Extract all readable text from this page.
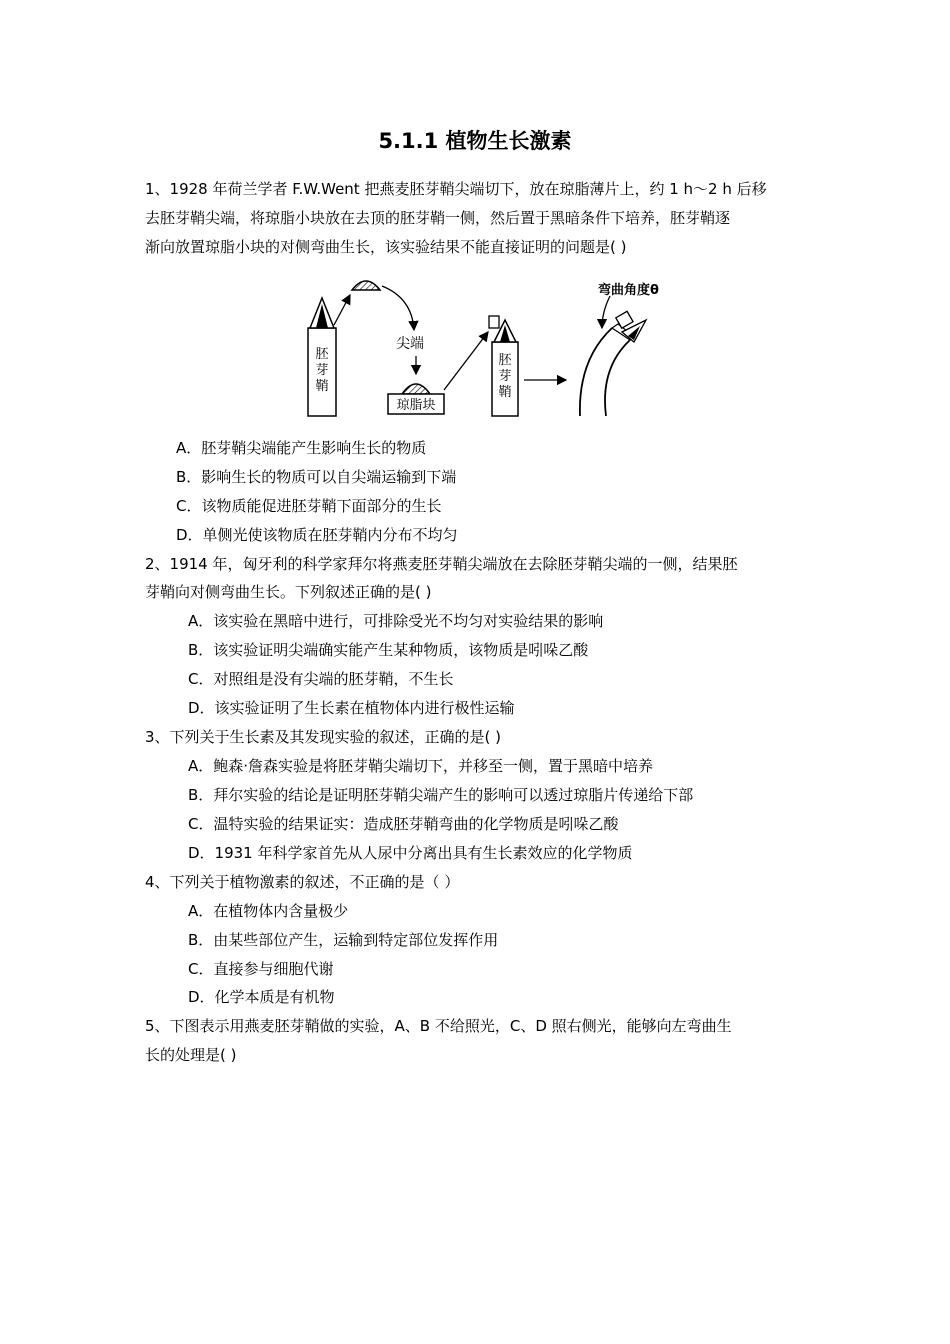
5.1.1 植物生长激素
1、1928 年荷兰学者 F.W.Went 把燕麦胚芽鞘尖端切下，放在琼脂薄片上，约 1 h～2 h 后移
去胚芽鞘尖端，将琼脂小块放在去顶的胚芽鞘一侧，然后置于黑暗条件下培养，胚芽鞘逐
渐向放置琼脂小块的对侧弯曲生长，该实验结果不能直接证明的问题是( )
胚
芽
鞘
尖端
琼脂块
胚
芽
鞘
弯曲角度θ
A．胚芽鞘尖端能产生影响生长的物质
B．影响生长的物质可以自尖端运输到下端
C．该物质能促进胚芽鞘下面部分的生长
D．单侧光使该物质在胚芽鞘内分布不均匀
2、1914 年，匈牙利的科学家拜尔将燕麦胚芽鞘尖端放在去除胚芽鞘尖端的一侧，结果胚
芽鞘向对侧弯曲生长。下列叙述正确的是( )
A．该实验在黑暗中进行，可排除受光不均匀对实验结果的影响
B．该实验证明尖端确实能产生某种物质，该物质是吲哚乙酸
C．对照组是没有尖端的胚芽鞘，不生长
D．该实验证明了生长素在植物体内进行极性运输
3、下列关于生长素及其发现实验的叙述，正确的是( )
A．鲍森·詹森实验是将胚芽鞘尖端切下，并移至一侧，置于黑暗中培养
B．拜尔实验的结论是证明胚芽鞘尖端产生的影响可以透过琼脂片传递给下部
C．温特实验的结果证实：造成胚芽鞘弯曲的化学物质是吲哚乙酸
D．1931 年科学家首先从人尿中分离出具有生长素效应的化学物质
4、下列关于植物激素的叙述，不正确的是（ ）
A．在植物体内含量极少
B．由某些部位产生，运输到特定部位发挥作用
C．直接参与细胞代谢
D．化学本质是有机物
5、下图表示用燕麦胚芽鞘做的实验，A、B 不给照光，C、D 照右侧光，能够向左弯曲生
长的处理是( )
